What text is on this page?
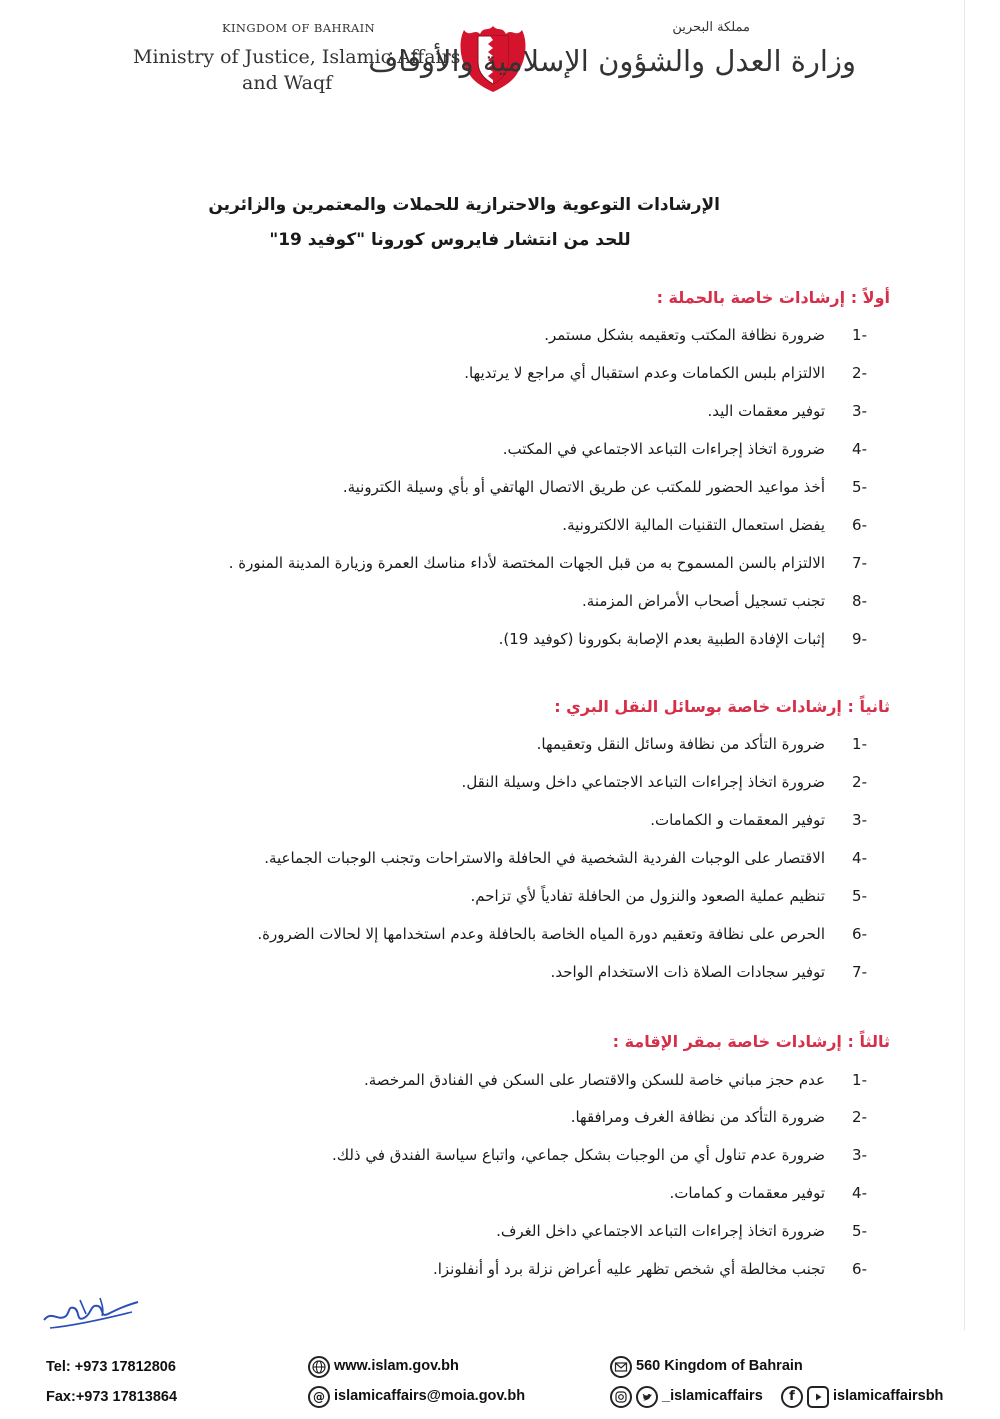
KINGDOM OF BAHRAIN
Ministry of Justice, Islamic Affairs
and Waqf
مملكة البحرين
وزارة العدل والشؤون الإسلامية والأوقاف
الإرشادات التوعوية والاحترازية للحملات والمعتمرين والزائرين
للحد من انتشار فايروس كورونا "كوفيد 19"
أولاً : إرشادات خاصة بالحملة :
-1
ضرورة نظافة المكتب وتعقيمه بشكل مستمر.
-2
الالتزام بلبس الكمامات وعدم استقبال أي مراجع لا يرتديها.
-3
توفير معقمات اليد.
-4
ضرورة اتخاذ إجراءات التباعد الاجتماعي في المكتب.
-5
أخذ مواعيد الحضور للمكتب عن طريق الاتصال الهاتفي أو بأي وسيلة الكترونية.
-6
يفضل استعمال التقنيات المالية الالكترونية.
-7
الالتزام بالسن المسموح به من قبل الجهات المختصة لأداء مناسك العمرة وزيارة المدينة المنورة .
-8
تجنب تسجيل أصحاب الأمراض المزمنة.
-9
إثبات الإفادة الطبية بعدم الإصابة بكورونا (كوفيد 19).
ثانياً : إرشادات خاصة بوسائل النقل البري :
-1
ضرورة التأكد من نظافة وسائل النقل وتعقيمها.
-2
ضرورة اتخاذ إجراءات التباعد الاجتماعي داخل وسيلة النقل.
-3
توفير المعقمات و الكمامات.
-4
الاقتصار على الوجبات الفردية الشخصية في الحافلة والاستراحات وتجنب الوجبات الجماعية.
-5
تنظيم عملية الصعود والنزول من الحافلة تفادياً لأي تزاحم.
-6
الحرص على نظافة وتعقيم دورة المياه الخاصة بالحافلة وعدم استخدامها إلا لحالات الضرورة.
-7
توفير سجادات الصلاة ذات الاستخدام الواحد.
ثالثاً : إرشادات خاصة بمقر الإقامة :
-1
عدم حجز مباني خاصة للسكن والاقتصار على السكن في الفنادق المرخصة.
-2
ضرورة التأكد من نظافة الغرف ومرافقها.
-3
ضرورة عدم تناول أي من الوجبات بشكل جماعي، واتباع سياسة الفندق في ذلك.
-4
توفير معقمات و كمامات.
-5
ضرورة اتخاذ إجراءات التباعد الاجتماعي داخل الغرف.
-6
تجنب مخالطة أي شخص تظهر عليه أعراض نزلة برد أو أنفلونزا.
Tel: +973 17812806
Fax:+973 17813864
www.islam.gov.bh
@ islamicaffairs@moia.gov.bh
560 Kingdom of Bahrain
_islamicaffairs	f	islamicaffairsbh
